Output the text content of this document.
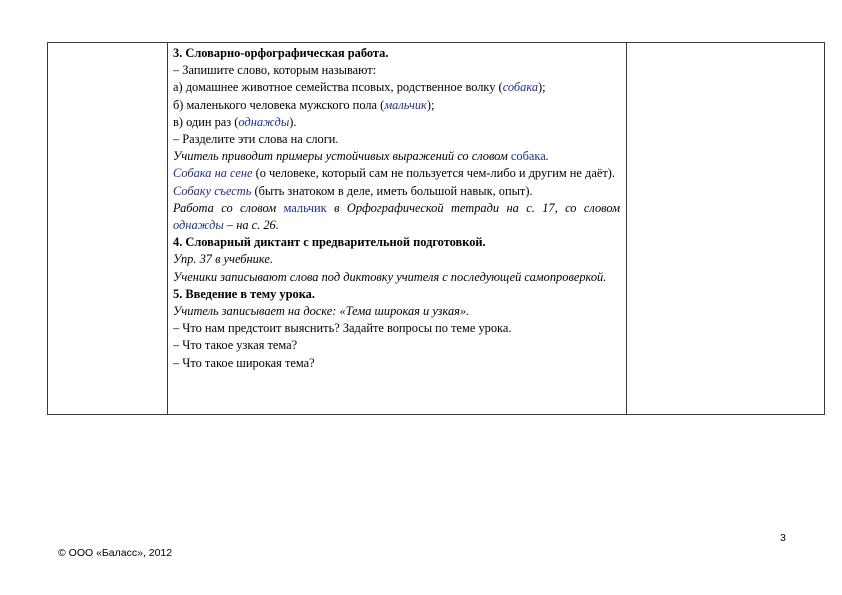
3. Словарно-орфографическая работа.
– Запишите слово, которым называют:
а) домашнее животное семейства псовых, родственное волку (собака);
б) маленького человека мужского пола (мальчик);
в) один раз (однажды).
– Разделите эти слова на слоги.
Учитель приводит примеры устойчивых выражений со словом собака.
Собака на сене (о человеке, который сам не пользуется чем-либо и другим не даёт).
Собаку съесть (быть знатоком в деле, иметь большой навык, опыт).
Работа со словом мальчик в Орфографической тетради на с. 17, со словом однажды – на с. 26.
4. Словарный диктант с предварительной подготовкой.
Упр. 37 в учебнике.
Ученики записывают слова под диктовку учителя с последующей самопроверкой.
5. Введение в тему урока.
Учитель записывает на доске: «Тема широкая и узкая».
– Что нам предстоит выяснить? Задайте вопросы по теме урока.
– Что такое узкая тема?
– Что такое широкая тема?

3
© ООО «Баласс», 2012
